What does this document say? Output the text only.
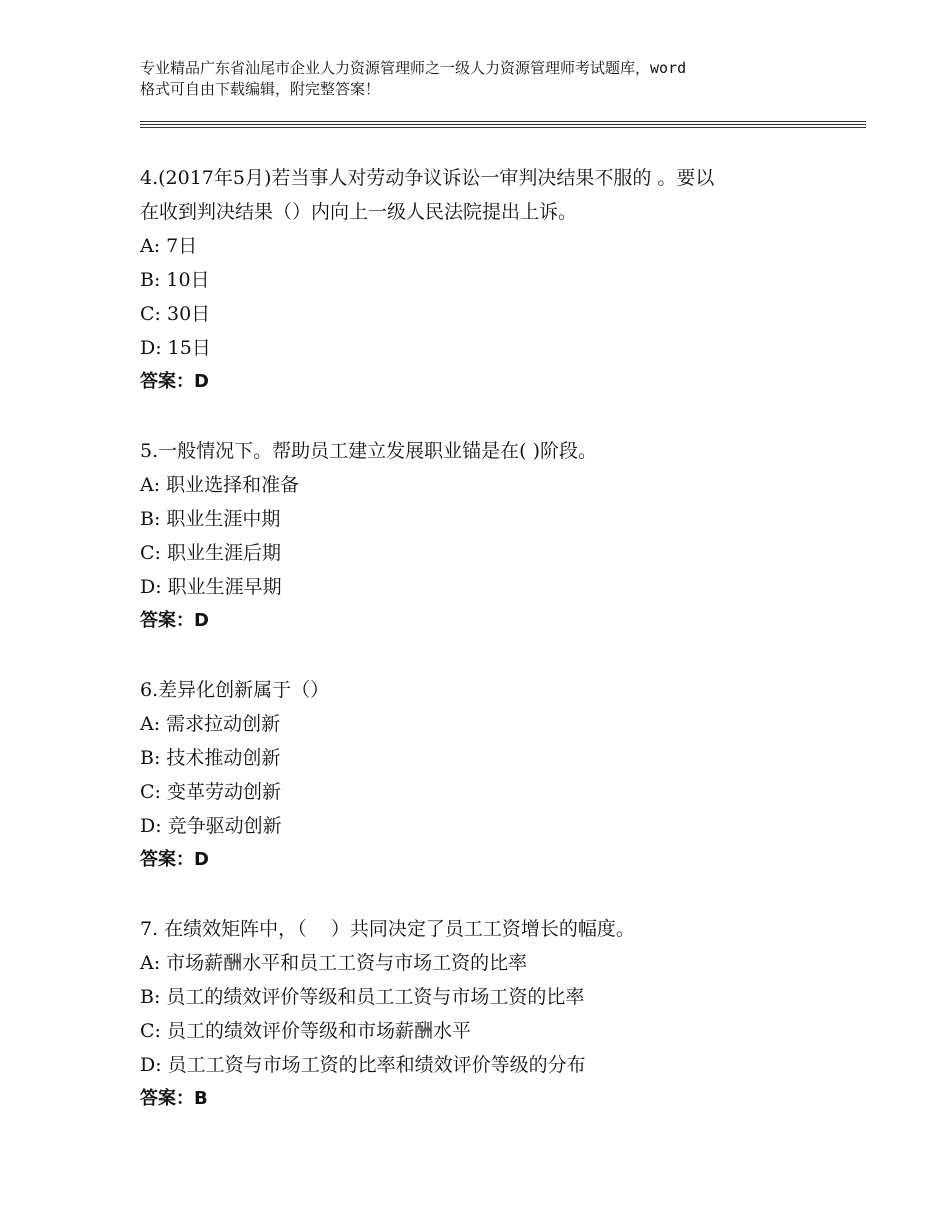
专业精品广东省汕尾市企业人力资源管理师之一级人力资源管理师考试题库，word
格式可自由下载编辑，附完整答案！
4.(2017年5月)若当事人对劳动争议诉讼一审判决结果不服的 。要以
在收到判决结果（）内向上一级人民法院提出上诉。
A: 7日
B: 10日
C: 30日
D: 15日
答案：D
5.一般情况下。帮助员工建立发展职业锚是在( )阶段。
A: 职业选择和准备
B: 职业生涯中期
C: 职业生涯后期
D: 职业生涯早期
答案：D
6.差异化创新属于（）
A: 需求拉动创新
B: 技术推动创新
C: 变革劳动创新
D: 竞争驱动创新
答案：D
7. 在绩效矩阵中，（    ）共同决定了员工工资增长的幅度。
A: 市场薪酬水平和员工工资与市场工资的比率
B: 员工的绩效评价等级和员工工资与市场工资的比率
C: 员工的绩效评价等级和市场薪酬水平
D: 员工工资与市场工资的比率和绩效评价等级的分布
答案：B
